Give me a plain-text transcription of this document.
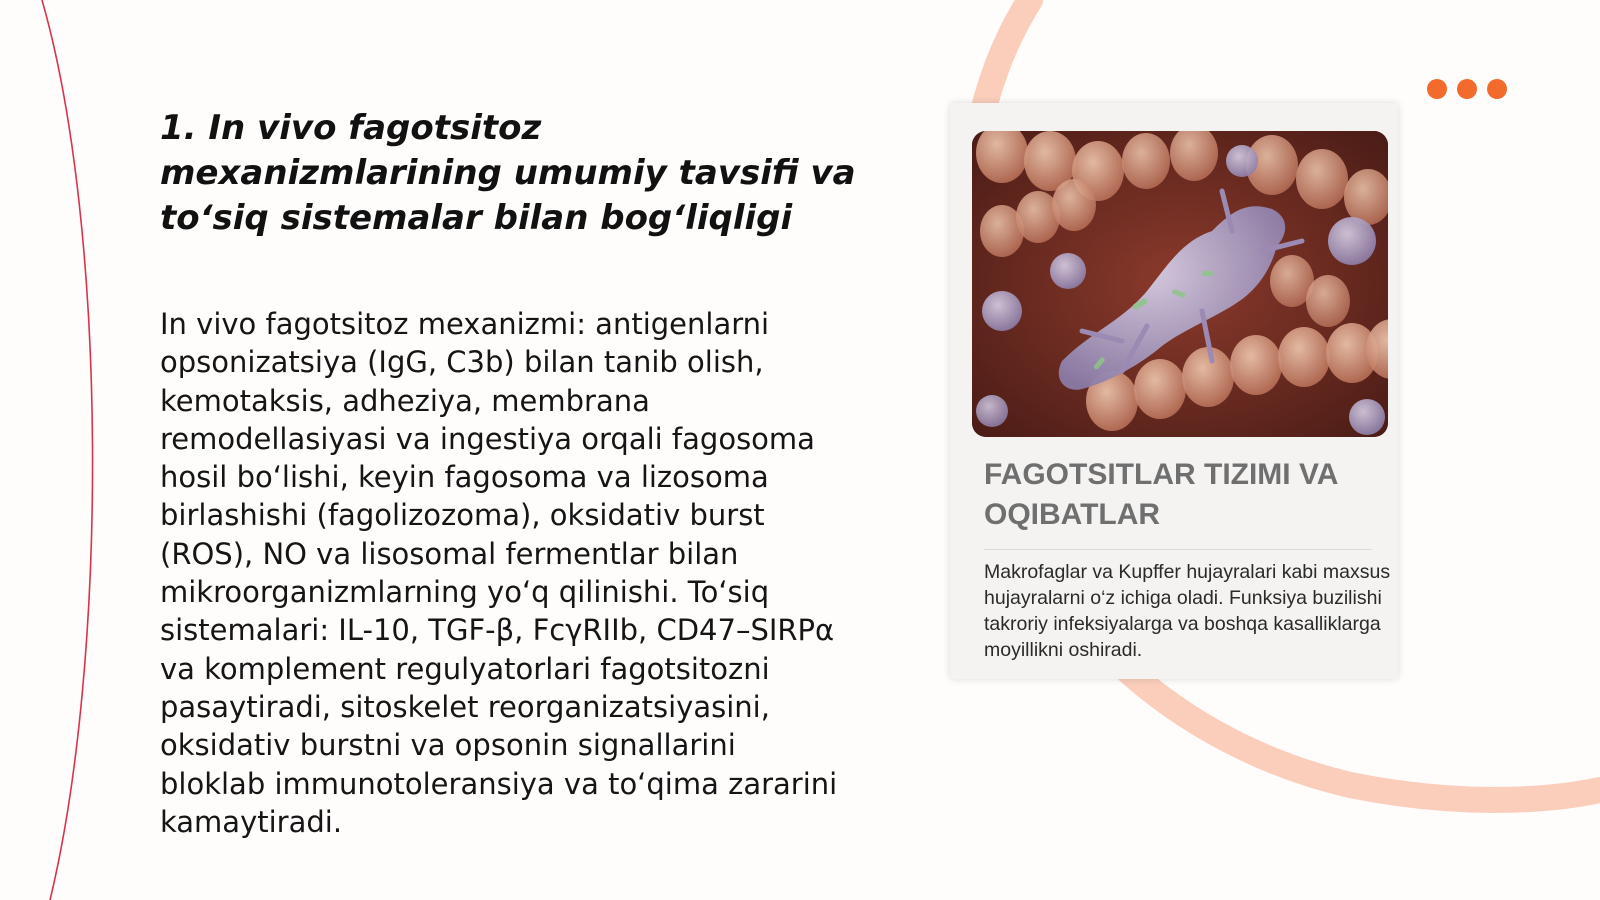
1. In vivo fagotsitoz mexanizmlarining umumiy tavsifi va to‘siq sistemalar bilan bog‘liqligi

In vivo fagotsitoz mexanizmi: antigenlarni opsonizatsiya (IgG, C3b) bilan tanib olish, kemotaksis, adheziya, membrana remodellasiyasi va ingestiya orqali fagosoma hosil bo‘lishi, keyin fagosoma va lizosoma birlashishi (fagolizozoma), oksidativ burst (ROS), NO va lisosomal fermentlar bilan mikroorganizmlarning yo‘q qilinishi. To‘siq sistemalari: IL-10, TGF-β, FcγRIIb, CD47–SIRPα va komplement regulyatorlari fagotsitozni pasaytiradi, sitoskelet reorganizatsiyasini, oksidativ burstni va opsonin signallarini bloklab immunotoleransiya va to‘qima zararini kamaytiradi.

FAGOTSITLAR TIZIMI VA OQIBATLAR

Makrofaglar va Kupffer hujayralari kabi maxsus hujayralarni o‘z ichiga oladi. Funksiya buzilishi takroriy infeksiyalarga va boshqa kasalliklarga moyillikni oshiradi.
